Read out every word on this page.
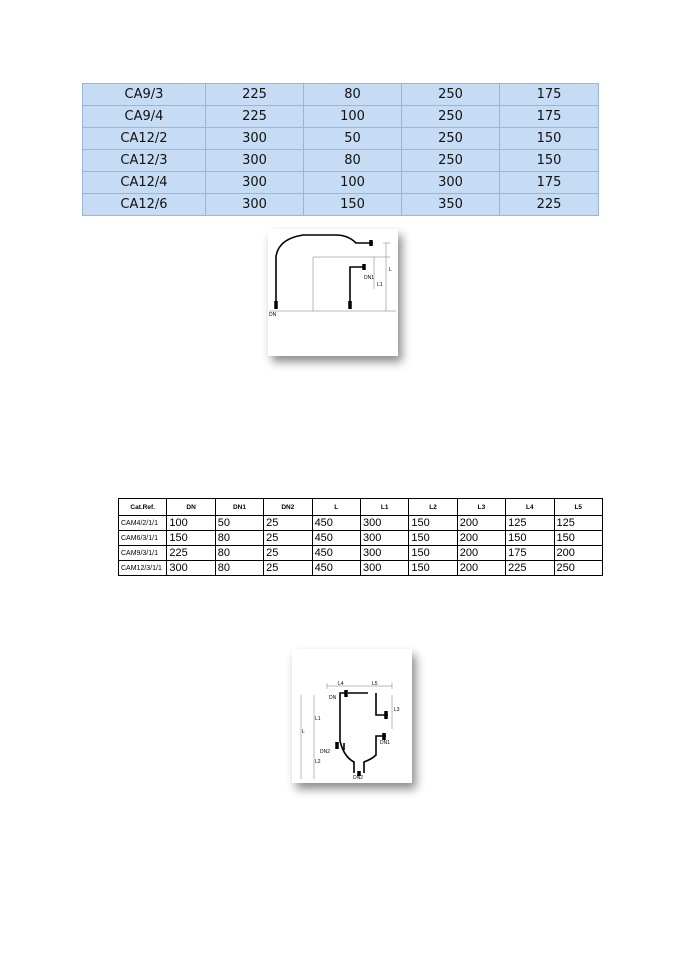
CA9/3	225	80	250	175
CA9/4	225	100	250	175
CA12/2	300	50	250	150
CA12/3	300	80	250	150
CA12/4	300	100	300	175
CA12/6	300	150	350	225
DN
DN1
L1
L
Cat.Ref.	DN	DN1	DN2	L	L1	L2	L3	L4	L5
CAM4/2/1/1	100	50	25	450	300	150	200	125	125
CAM6/3/1/1	150	80	25	450	300	150	200	150	150
CAM9/3/1/1	225	80	25	450	300	150	200	175	200
CAM12/3/1/1	300	80	25	450	300	150	200	225	250
L4	L5
DN
L3
L1
L
DN1
L2
DN2
DN2
